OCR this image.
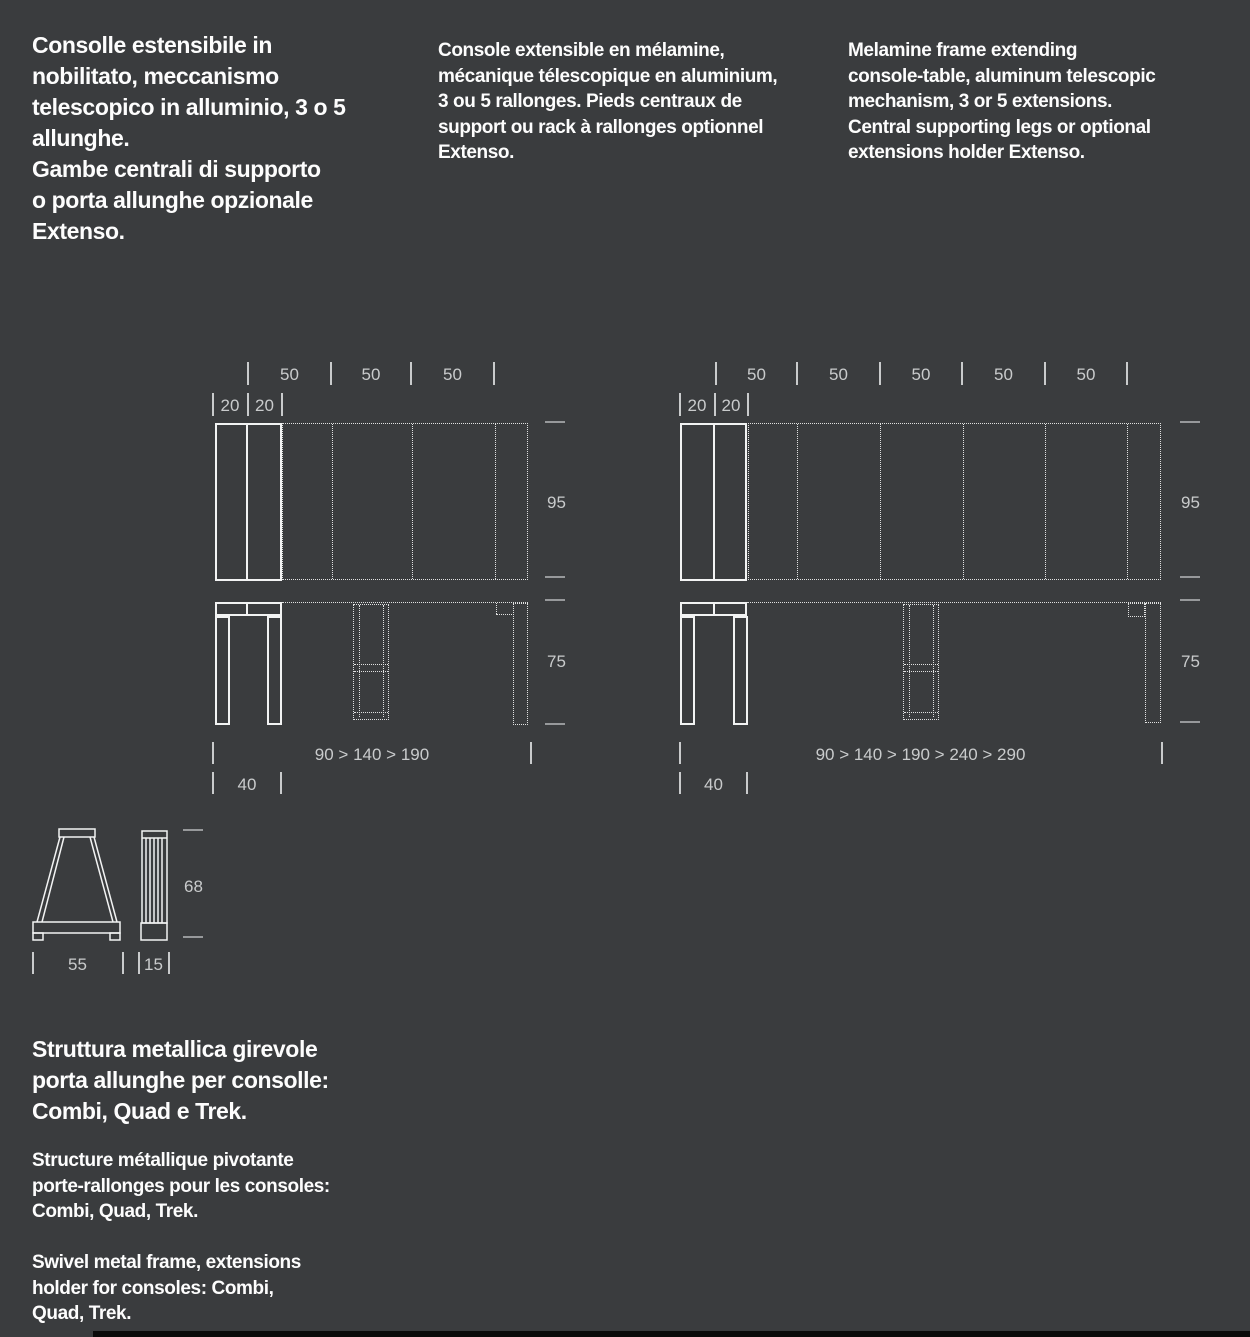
Consolle estensibile in
nobilitato, meccanismo
telescopico in alluminio, 3 o 5
allunghe.
Gambe centrali di supporto
o porta allunghe opzionale
Extenso.

Console extensible en mélamine,
mécanique télescopique en aluminium,
3 ou 5 rallonges. Pieds centraux de
support ou rack à rallonges optionnel
Extenso.

Melamine frame extending
console-table, aluminum telescopic
mechanism, 3 or 5 extensions.
Central supporting legs or optional
extensions holder Extenso.

50	50	50
20 20
95
75
90 > 140 > 190
40
50	50	50	50	50
20 20
95
75
90 > 140 > 190 > 240 > 290
40
68
55	15

Struttura metallica girevole
porta allunghe per consolle:
Combi, Quad e Trek.

Structure métallique pivotante
porte-rallonges pour les consoles:
Combi, Quad, Trek.

Swivel metal frame, extensions
holder for consoles: Combi,
Quad, Trek.
